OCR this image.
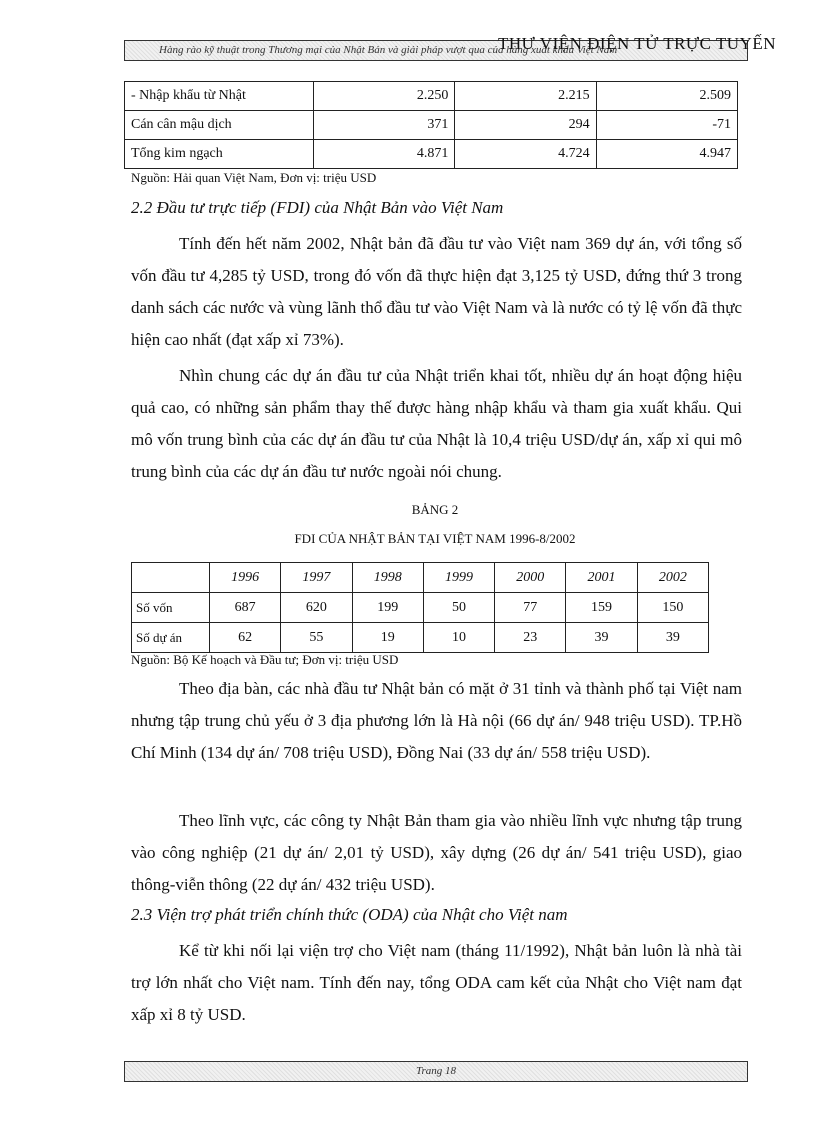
Hàng rào kỹ thuật trong Thương mại của Nhật Bản và giải pháp vượt qua của hàng xuất khẩu Việt Nam
THƯ VIỆN ĐIỆN TỬ TRỰC TUYẾN
- Nhập khẩu từ Nhật	2.250	2.215	2.509
Cán cân mậu dịch	371	294	-71
Tổng kim ngạch	4.871	4.724	4.947
Nguồn: Hải quan Việt Nam, Đơn vị: triệu USD
2.2 Đầu tư trực tiếp (FDI) của Nhật Bản vào Việt Nam

Tính đến hết năm 2002, Nhật bản đã đầu tư vào Việt nam 369 dự án, với tổng số vốn đầu tư 4,285 tỷ USD, trong đó vốn đã thực hiện đạt 3,125 tỷ USD, đứng thứ 3 trong danh sách các nước và vùng lãnh thổ đầu tư vào Việt Nam và là nước có tỷ lệ vốn đã thực hiện cao nhất (đạt xấp xỉ 73%).

Nhìn chung các dự án đầu tư của Nhật triển khai tốt, nhiều dự án hoạt động hiệu quả cao, có những sản phẩm thay thế được hàng nhập khẩu và tham gia xuất khẩu. Qui mô vốn trung bình của các dự án đầu tư của Nhật là 10,4 triệu USD/dự án, xấp xỉ qui mô trung bình của các dự án đầu tư nước ngoài nói chung.

BẢNG 2
FDI CỦA NHẬT BẢN TẠI VIỆT NAM 1996-8/2002
	1996	1997	1998	1999	2000	2001	2002
Số vốn	687	620	199	50	77	159	150
Số dự án	62	55	19	10	23	39	39
Nguồn: Bộ Kế hoạch và Đầu tư; Đơn vị: triệu USD

Theo địa bàn, các nhà đầu tư Nhật bản có mặt ở 31 tỉnh và thành phố tại Việt nam nhưng tập trung chủ yếu ở 3 địa phương lớn là Hà nội (66 dự án/ 948 triệu USD). TP.Hồ Chí Minh (134 dự án/ 708 triệu USD), Đồng Nai (33 dự án/ 558 triệu USD).

Theo lĩnh vực, các công ty Nhật Bản tham gia vào nhiều lĩnh vực nhưng tập trung vào công nghiệp (21 dự án/ 2,01 tỷ USD), xây dựng (26 dự án/ 541 triệu USD), giao thông-viễn thông (22 dự án/ 432 triệu USD).

2.3 Viện trợ phát triển chính thức (ODA) của Nhật cho Việt nam

Kể từ khi nối lại viện trợ cho Việt nam (tháng 11/1992), Nhật bản luôn là nhà tài trợ lớn nhất cho Việt nam. Tính đến nay, tổng ODA cam kết của Nhật cho Việt nam đạt xấp xỉ 8 tỷ USD.

Trang 18
